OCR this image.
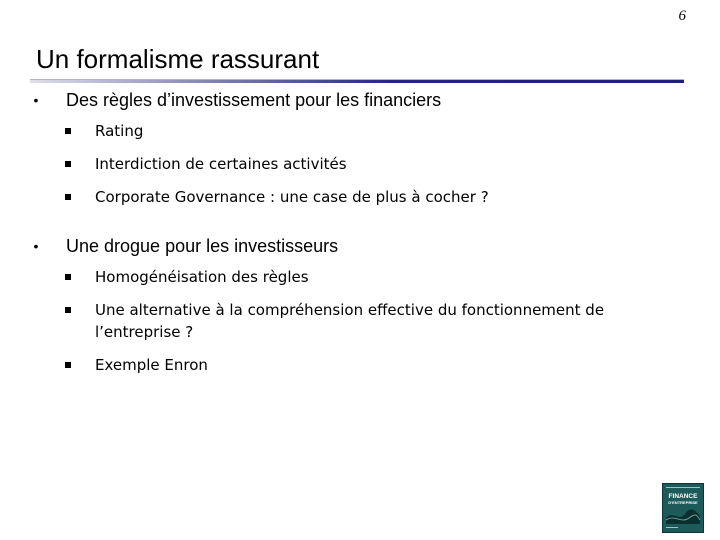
6
Un formalisme rassurant
• Des règles d’investissement pour les financiers
Rating
Interdiction de certaines activités
Corporate Governance : une case de plus à cocher ?
• Une drogue pour les investisseurs
Homogénéisation des règles
Une alternative à la compréhension effective du fonctionnement de l’entreprise ?
Exemple Enron
FINANCE
D'ENTREPRISE
